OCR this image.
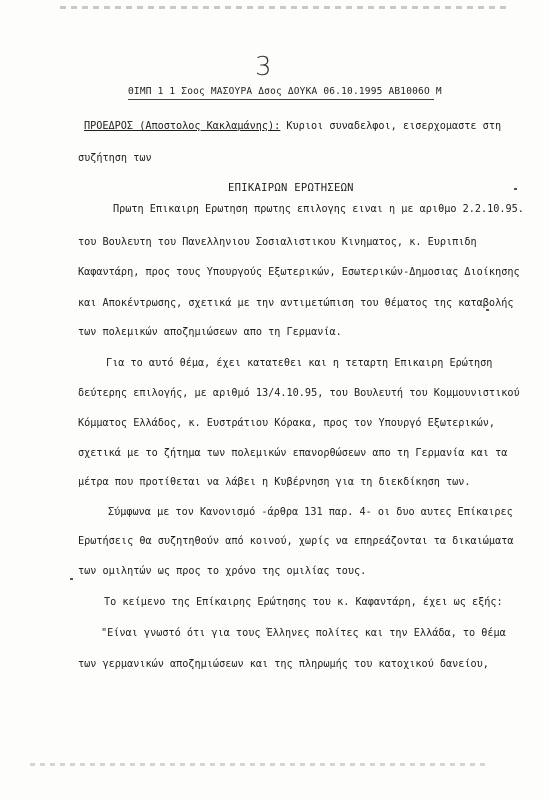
3
ΘΙΜΠ 1 1 Σοος ΜΑΣΟΥΡΑ Δσος ΔΟΥΚΑ 06.10.1995 ΑΒ1006Ο Μ
ΠΡΟΕΔΡΟΣ (Αποστολος Κακλαμάνης): Κυριοι συναδελφοι, εισερχομαστε στη
συζήτηση των
ΕΠΙΚΑΙΡΩΝ ΕΡΩΤΗΣΕΩΝ
Πρωτη Επικαιρη Ερωτηση πρωτης επιλογης ειναι η με αριθμο 2.2.10.95.
του Βουλευτη του Πανελληνιου Σοσιαλιστικου Κινηματος, κ. Ευριπιδη
Καφαντάρη, προς τους Υπουργούς Εξωτερικών, Εσωτερικών-Δημοσιας Διοίκησης
και Αποκέντρωσης, σχετικά με την αντιμετώπιση του θέματος της καταβολής
των πολεμικών αποζημιώσεων απο τη Γερμανία.
Για το αυτό θέμα, έχει κατατεθει και η τεταρτη Επικαιρη Ερώτηση
δεύτερης επιλογής, με αριθμό 13/4.10.95, του Βουλευτή του Κομμουνιστικού
Κόμματος Ελλάδος, κ. Ευστράτιου Κόρακα, προς τον Υπουργό Εξωτερικών,
σχετικά με το ζήτημα των πολεμικών επανορθώσεων απο τη Γερμανία και τα
μέτρα που προτίθεται να λάβει η Κυβέρνηση για τη διεκδίκηση των.
Σύμφωνα με τον Κανονισμό -άρθρα 131 παρ. 4- οι δυο αυτες Επίκαιρες
Ερωτήσεις θα συζητηθούν από κοινού, χωρίς να επηρεάζονται τα δικαιώματα
των ομιλητών ως προς το χρόνο της ομιλίας τους.
Το κείμενο της Επίκαιρης Ερώτησης του κ. Καφαντάρη, έχει ως εξής:
"Είναι γνωστό ότι για τους Έλληνες πολίτες και την Ελλάδα, το θέμα
των γερμανικών αποζημιώσεων και της πληρωμής του κατοχικού δανείου,
